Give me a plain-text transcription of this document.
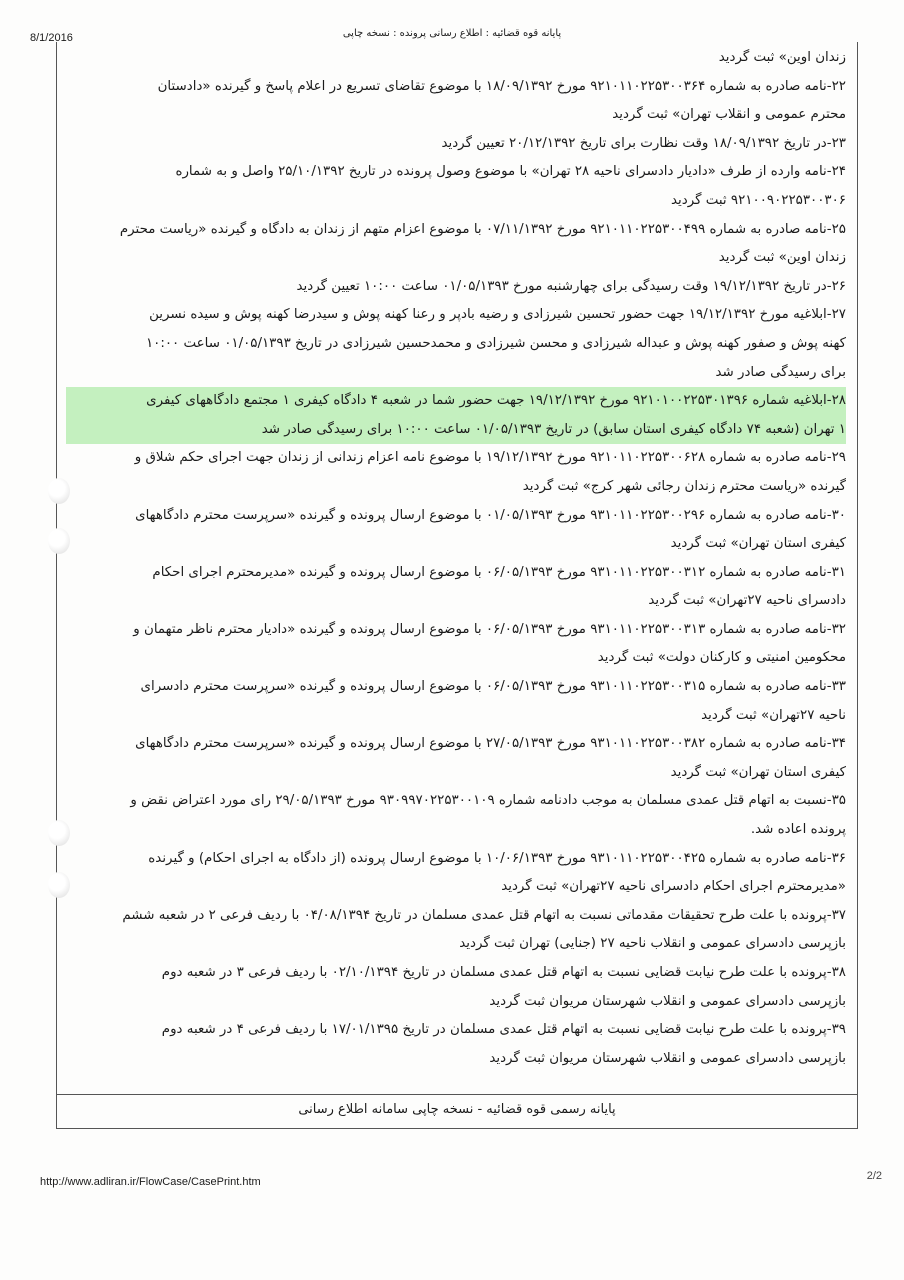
8/1/2016	پایانه قوه قضائیه : اطلاع رسانی پرونده : نسخه چاپی
زندان اوین» ثبت گردید
۲۲-نامه صادره به شماره ۹۲۱۰۱۱۰۲۲۵۳۰۰۳۶۴ مورخ ۱۸/۰۹/۱۳۹۲ با موضوع تقاضای تسریع در اعلام پاسخ و گیرنده «دادستان
محترم عمومی و انقلاب تهران» ثبت گردید
۲۳-در تاریخ ۱۸/۰۹/۱۳۹۲ وقت نظارت برای تاریخ ۲۰/۱۲/۱۳۹۲ تعیین گردید
۲۴-نامه وارده از طرف «دادیار دادسرای ناحیه ۲۸ تهران» با موضوع وصول پرونده در تاریخ ۲۵/۱۰/۱۳۹۲ واصل و به شماره
۹۲۱۰۰۹۰۲۲۵۳۰۰۳۰۶ ثبت گردید
۲۵-نامه صادره به شماره ۹۲۱۰۱۱۰۲۲۵۳۰۰۴۹۹ مورخ ۰۷/۱۱/۱۳۹۲ با موضوع اعزام متهم از زندان به دادگاه و گیرنده «ریاست محترم
زندان اوین» ثبت گردید
۲۶-در تاریخ ۱۹/۱۲/۱۳۹۲ وقت رسیدگی برای چهارشنبه مورخ ۰۱/۰۵/۱۳۹۳ ساعت ۱۰:۰۰ تعیین گردید
۲۷-ابلاغیه مورخ ۱۹/۱۲/۱۳۹۲ جهت حضور تحسین شیرزادی و رضیه بادپر و رعنا کهنه پوش و سیدرضا کهنه پوش و سیده نسرین
کهنه پوش و صفور کهنه پوش و عبداله شیرزادی و محسن شیرزادی و محمدحسین شیرزادی در تاریخ ۰۱/۰۵/۱۳۹۳ ساعت ۱۰:۰۰
برای رسیدگی صادر شد
۲۸-ابلاغیه شماره ۹۲۱۰۱۰۰۲۲۵۳۰۱۳۹۶ مورخ ۱۹/۱۲/۱۳۹۲ جهت حضور شما در شعبه ۴ دادگاه کیفری ۱ مجتمع دادگاههای کیفری
۱ تهران (شعبه ۷۴ دادگاه کیفری استان سابق) در تاریخ ۰۱/۰۵/۱۳۹۳ ساعت ۱۰:۰۰ برای رسیدگی صادر شد
۲۹-نامه صادره به شماره ۹۲۱۰۱۱۰۲۲۵۳۰۰۶۲۸ مورخ ۱۹/۱۲/۱۳۹۲ با موضوع نامه اعزام زندانی از زندان جهت اجرای حکم شلاق و
گیرنده «ریاست محترم زندان رجائی شهر کرج» ثبت گردید
۳۰-نامه صادره به شماره ۹۳۱۰۱۱۰۲۲۵۳۰۰۲۹۶ مورخ ۰۱/۰۵/۱۳۹۳ با موضوع ارسال پرونده و گیرنده «سرپرست محترم دادگاههای
کیفری استان تهران» ثبت گردید
۳۱-نامه صادره به شماره ۹۳۱۰۱۱۰۲۲۵۳۰۰۳۱۲ مورخ ۰۶/۰۵/۱۳۹۳ با موضوع ارسال پرونده و گیرنده «مدیرمحترم اجرای احکام
دادسرای ناحیه ۲۷تهران» ثبت گردید
۳۲-نامه صادره به شماره ۹۳۱۰۱۱۰۲۲۵۳۰۰۳۱۳ مورخ ۰۶/۰۵/۱۳۹۳ با موضوع ارسال پرونده و گیرنده «دادیار محترم ناظر متهمان و
محکومین امنیتی و کارکنان دولت» ثبت گردید
۳۳-نامه صادره به شماره ۹۳۱۰۱۱۰۲۲۵۳۰۰۳۱۵ مورخ ۰۶/۰۵/۱۳۹۳ با موضوع ارسال پرونده و گیرنده «سرپرست محترم دادسرای
ناحیه ۲۷تهران» ثبت گردید
۳۴-نامه صادره به شماره ۹۳۱۰۱۱۰۲۲۵۳۰۰۳۸۲ مورخ ۲۷/۰۵/۱۳۹۳ با موضوع ارسال پرونده و گیرنده «سرپرست محترم دادگاههای
کیفری استان تهران» ثبت گردید
۳۵-نسبت به اتهام قتل عمدی مسلمان به موجب دادنامه شماره ۹۳۰۹۹۷۰۲۲۵۳۰۰۱۰۹ مورخ ۲۹/۰۵/۱۳۹۳ رای مورد اعتراض نقض و
پرونده اعاده شد.
۳۶-نامه صادره به شماره ۹۳۱۰۱۱۰۲۲۵۳۰۰۴۲۵ مورخ ۱۰/۰۶/۱۳۹۳ با موضوع ارسال پرونده (از دادگاه به اجرای احکام) و گیرنده
«مدیرمحترم اجرای احکام دادسرای ناحیه ۲۷تهران» ثبت گردید
۳۷-پرونده با علت طرح تحقیقات مقدماتی نسبت به اتهام قتل عمدی مسلمان در تاریخ ۰۴/۰۸/۱۳۹۴ با ردیف فرعی ۲ در شعبه ششم
بازپرسی دادسرای عمومی و انقلاب ناحیه ۲۷ (جنایی) تهران ثبت گردید
۳۸-پرونده با علت طرح نیابت قضایی نسبت به اتهام قتل عمدی مسلمان در تاریخ ۰۲/۱۰/۱۳۹۴ با ردیف فرعی ۳ در شعبه دوم
بازپرسی دادسرای عمومی و انقلاب شهرستان مریوان ثبت گردید
۳۹-پرونده با علت طرح نیابت قضایی نسبت به اتهام قتل عمدی مسلمان در تاریخ ۱۷/۰۱/۱۳۹۵ با ردیف فرعی ۴ در شعبه دوم
بازپرسی دادسرای عمومی و انقلاب شهرستان مریوان ثبت گردید
پایانه رسمی قوه قضائیه - نسخه چاپی سامانه اطلاع رسانی
http://www.adliran.ir/FlowCase/CasePrint.htm	2/2
